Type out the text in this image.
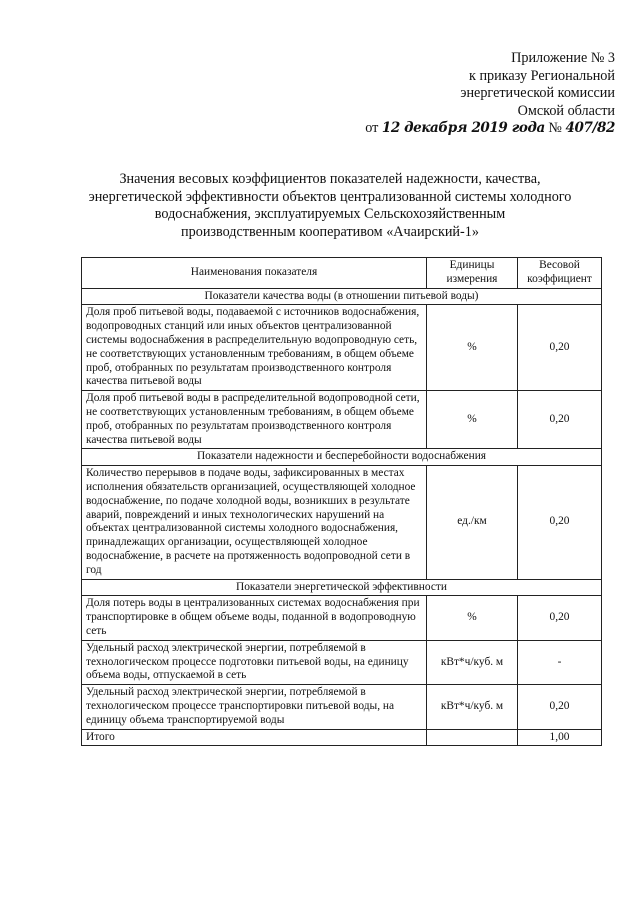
Приложение № 3
к приказу Региональной
энергетической комиссии
Омской области
от 12 декабря 2019 года № 407/82
Значения весовых коэффициентов показателей надежности, качества,
энергетической эффективности объектов централизованной системы холодного
водоснабжения, эксплуатируемых Сельскохозяйственным
производственным кооперативом «Ачаирский-1»
Наименования показателя	Единицы измерения	Весовой коэффициент
Показатели качества воды (в отношении питьевой воды)		
Доля проб питьевой воды, подаваемой с источников водоснабжения, водопроводных станций или иных объектов централизованной системы водоснабжения в распределительную водопроводную сеть, не соответствующих установленным требованиям, в общем объеме проб, отобранных по результатам производственного контроля качества питьевой воды	%	0,20
Доля проб питьевой воды в распределительной водопроводной сети, не соответствующих установленным требованиям, в общем объеме проб, отобранных по результатам производственного контроля качества питьевой воды	%	0,20
Показатели надежности и бесперебойности водоснабжения		
Количество перерывов в подаче воды, зафиксированных в местах исполнения обязательств организацией, осуществляющей холодное водоснабжение, по подаче холодной воды, возникших в результате аварий, повреждений и иных технологических нарушений на объектах централизованной системы холодного водоснабжения, принадлежащих организации, осуществляющей холодное водоснабжение, в расчете на протяженность водопроводной сети в год	ед./км	0,20
Показатели энергетической эффективности		
Доля потерь воды в централизованных системах водоснабжения при транспортировке в общем объеме воды, поданной в водопроводную сеть	%	0,20
Удельный расход электрической энергии, потребляемой в технологическом процессе подготовки питьевой воды, на единицу объема воды, отпускаемой в сеть	кВт*ч/куб. м	-
Удельный расход электрической энергии, потребляемой в технологическом процессе транспортировки питьевой воды, на единицу объема транспортируемой воды	кВт*ч/куб. м	0,20
Итого		1,00
